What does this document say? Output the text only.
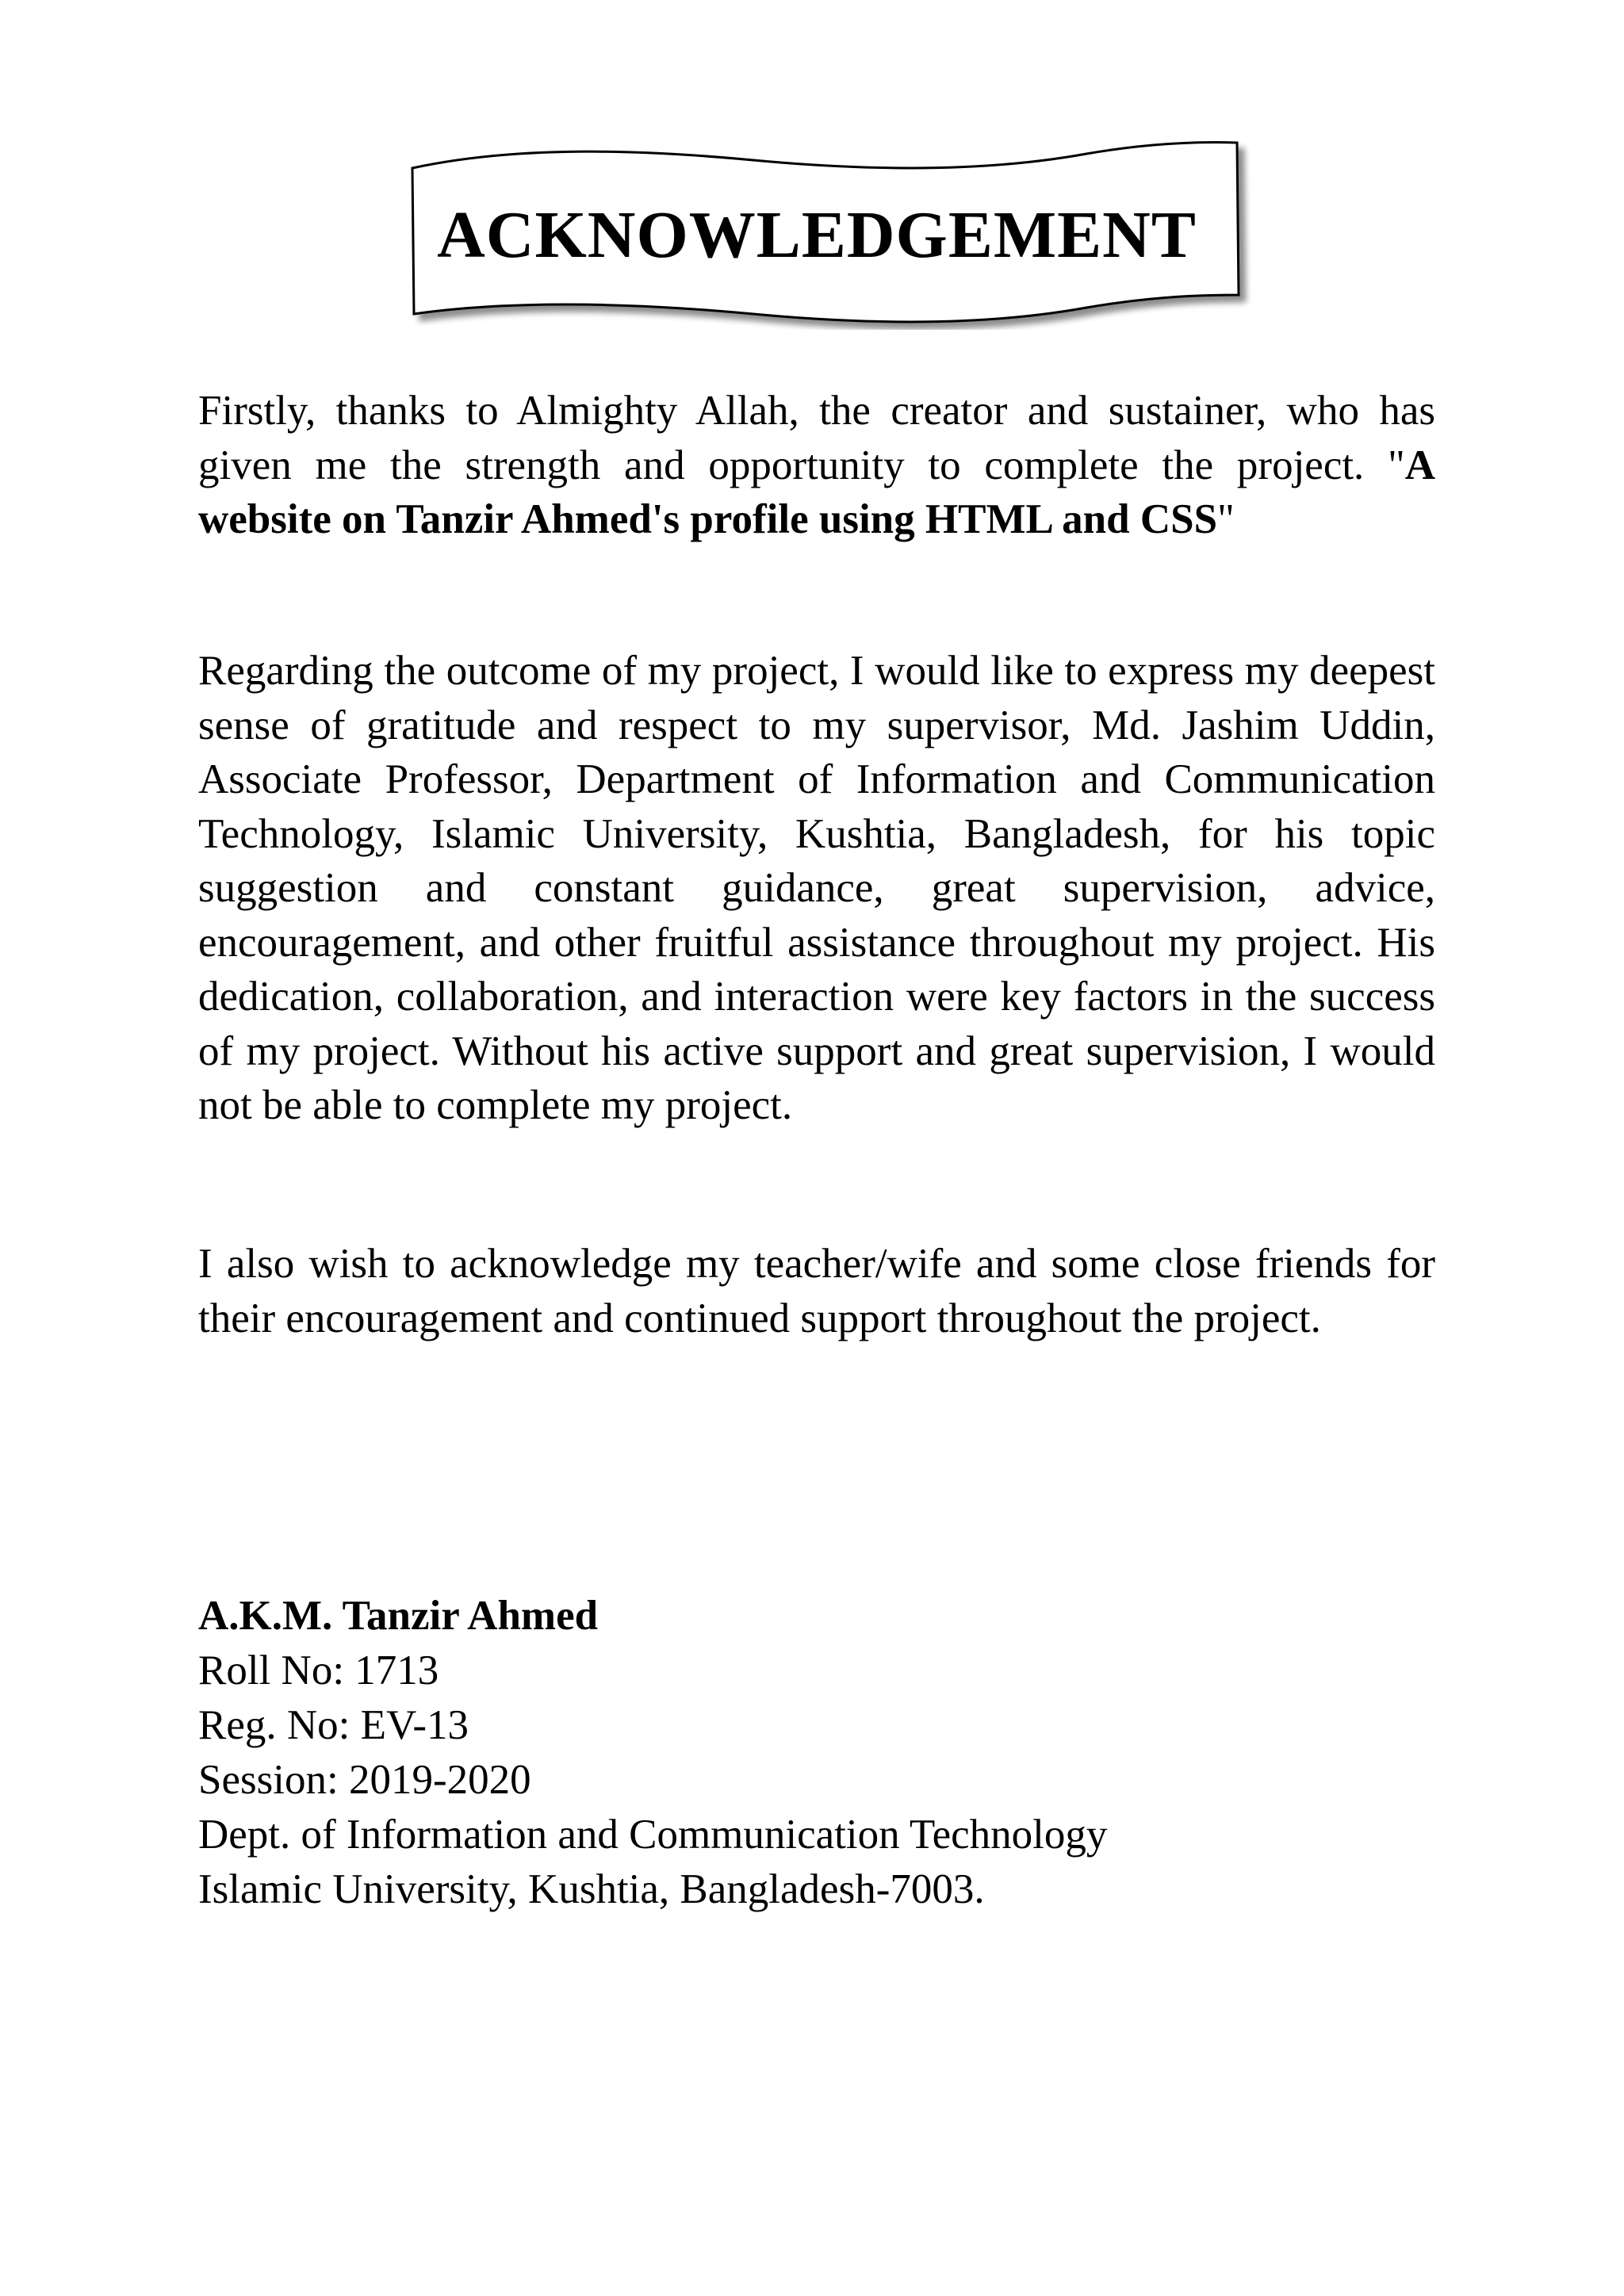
ACKNOWLEDGEMENT

Firstly, thanks to Almighty Allah, the creator and sustainer, who has given me the strength and opportunity to complete the project. "A website on Tanzir Ahmed's profile using HTML and CSS"

Regarding the outcome of my project, I would like to express my deepest sense of gratitude and respect to my supervisor, Md. Jashim Uddin, Associate Professor, Department of Information and Communication Technology, Islamic University, Kushtia, Bangladesh, for his topic suggestion and constant guidance, great supervision, advice, encouragement, and other fruitful assistance throughout my project. His dedication, collaboration, and interaction were key factors in the success of my project. Without his active support and great supervision, I would not be able to complete my project.

I also wish to acknowledge my teacher/wife and some close friends for their encouragement and continued support throughout the project.

A.K.M. Tanzir Ahmed
Roll No: 1713
Reg. No: EV-13
Session: 2019-2020
Dept. of Information and Communication Technology
Islamic University, Kushtia, Bangladesh-7003.
